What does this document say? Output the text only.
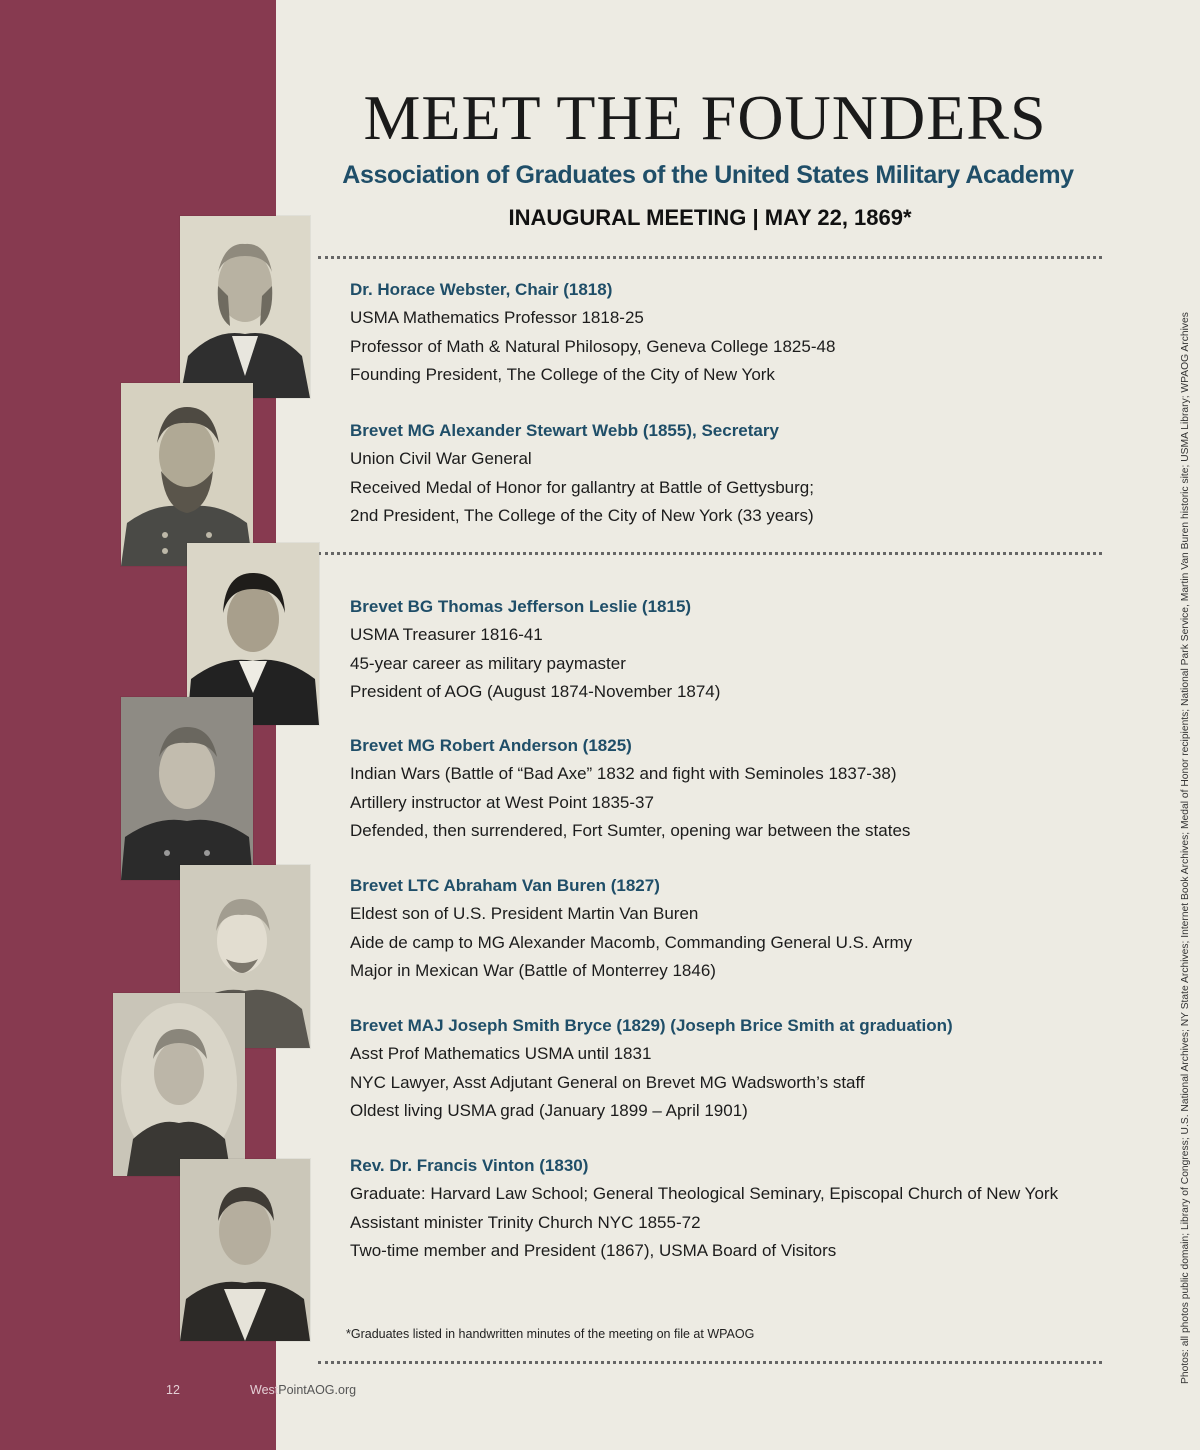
MEET THE FOUNDERS
Association of Graduates of the United States Military Academy
INAUGURAL MEETING | MAY 22, 1869*
Dr. Horace Webster, Chair (1818)
USMA Mathematics Professor 1818-25
Professor of Math & Natural Philosopy, Geneva College 1825-48
Founding President, The College of the City of New York
Brevet MG Alexander Stewart Webb (1855), Secretary
Union Civil War General
Received Medal of Honor for gallantry at Battle of Gettysburg;
2nd President, The College of the City of New York (33 years)
Brevet BG Thomas Jefferson Leslie (1815)
USMA Treasurer 1816-41
45-year career as military paymaster
President of AOG (August 1874-November 1874)
Brevet MG Robert Anderson (1825)
Indian Wars (Battle of “Bad Axe” 1832 and fight with Seminoles 1837-38)
Artillery instructor at West Point 1835-37
Defended, then surrendered, Fort Sumter, opening war between the states
Brevet LTC Abraham Van Buren (1827)
Eldest son of U.S. President Martin Van Buren
Aide de camp to MG Alexander Macomb, Commanding General U.S. Army
Major in Mexican War (Battle of Monterrey 1846)
Brevet MAJ Joseph Smith Bryce (1829) (Joseph Brice Smith at graduation)
Asst Prof Mathematics USMA until 1831
NYC Lawyer, Asst Adjutant General on Brevet MG Wadsworth’s staff
Oldest living USMA grad (January 1899 – April 1901)
Rev. Dr. Francis Vinton (1830)
Graduate: Harvard Law School; General Theological Seminary, Episcopal Church of New York
Assistant minister Trinity Church NYC 1855-72
Two-time member and President (1867), USMA Board of Visitors
*Graduates listed in handwritten minutes of the meeting on file at WPAOG
12	WestPointAOG.org
Photos: all photos public domain; Library of Congress; U.S. National Archives; NY State Archives; Internet Book Archives; Medal of Honor recipients; National Park Service, Martin Van Buren historic site; USMA Library; WPAOG Archives
